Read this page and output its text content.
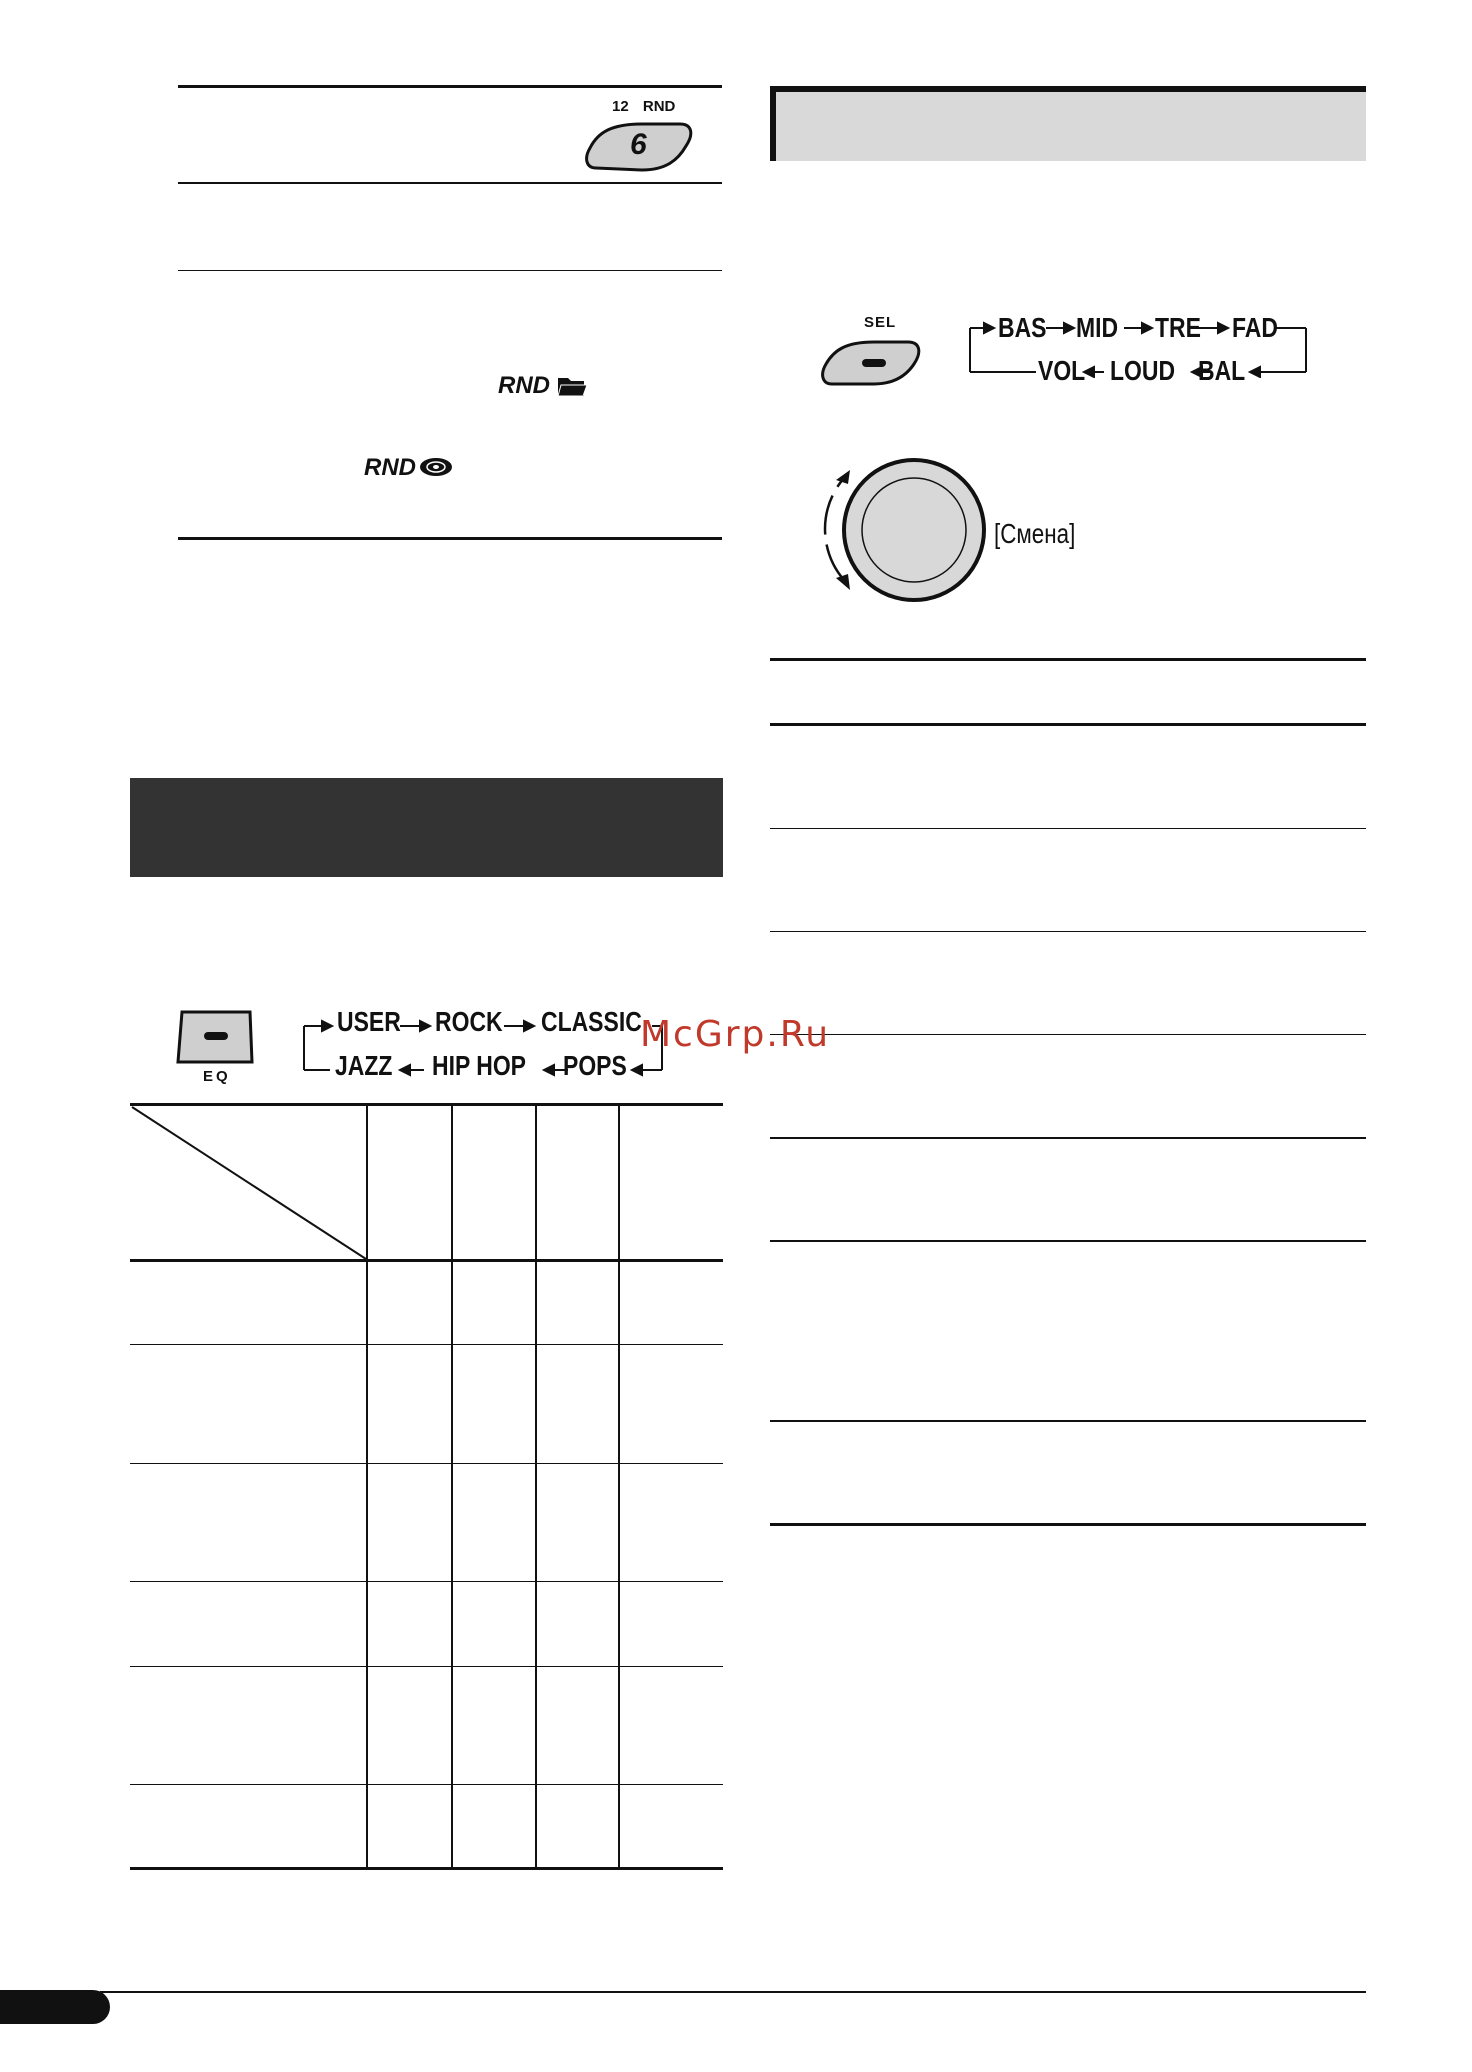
12 RND
6
RND
RND
EQ
USER ROCK CLASSIC
JAZZ HIP HOP POPS
SEL	BAS MID TRE FAD
VOL LOUD BAL
[Смена]
McGrp.Ru
